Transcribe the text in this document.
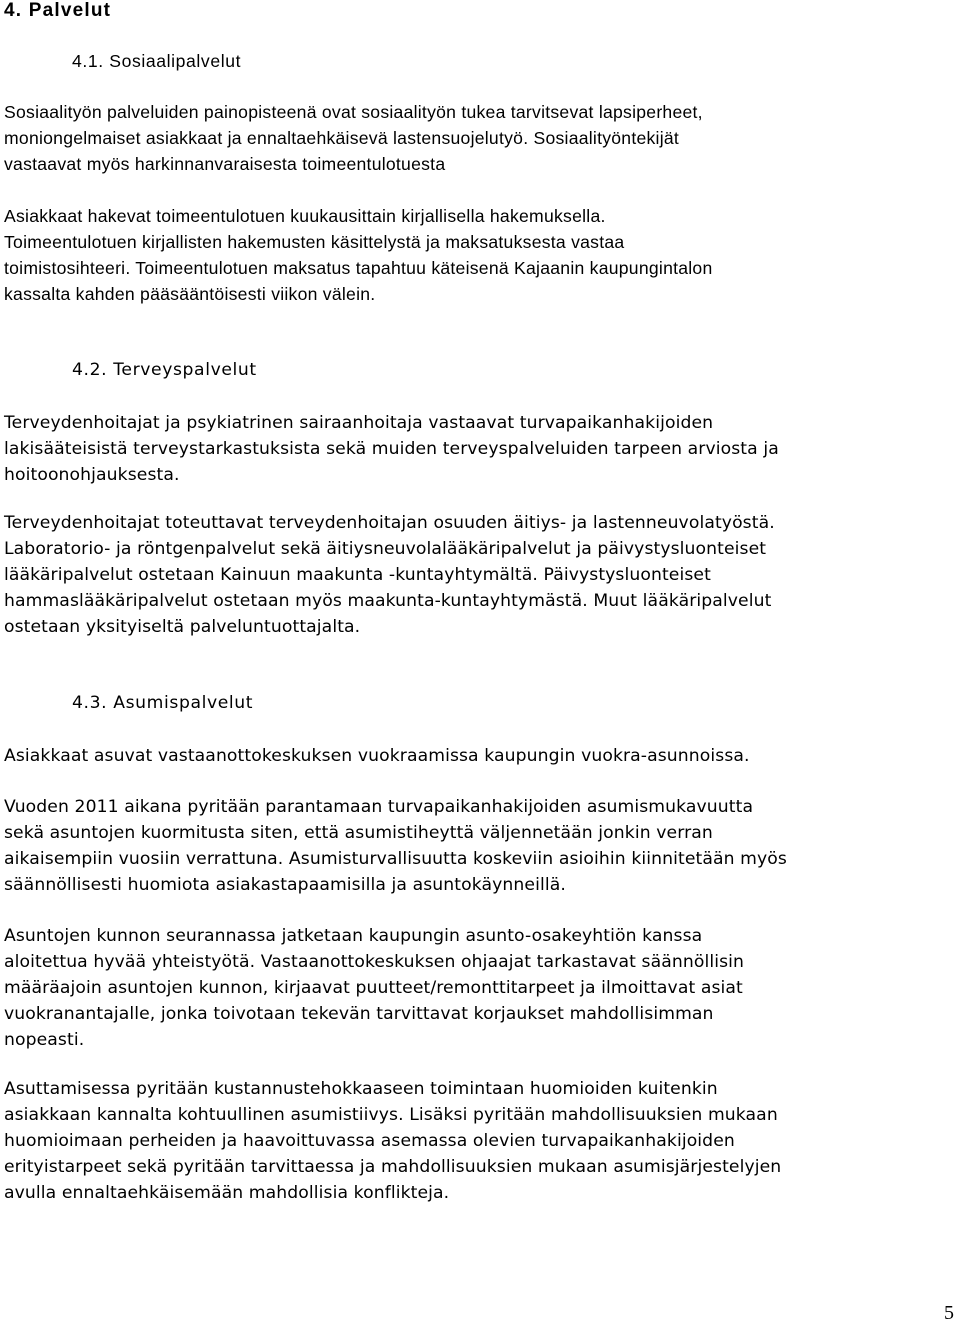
4. Palvelut
4.1. Sosiaalipalvelut
Sosiaalityön palveluiden painopisteenä ovat sosiaalityön tukea tarvitsevat lapsiperheet,
moniongelmaiset asiakkaat ja ennaltaehkäisevä lastensuojelutyö. Sosiaalityöntekijät
vastaavat myös harkinnanvaraisesta toimeentulotuesta
Asiakkaat hakevat toimeentulotuen kuukausittain kirjallisella hakemuksella.
Toimeentulotuen kirjallisten hakemusten käsittelystä ja maksatuksesta vastaa
toimistosihteeri. Toimeentulotuen maksatus tapahtuu käteisenä Kajaanin kaupungintalon
kassalta kahden pääsääntöisesti viikon välein.
4.2. Terveyspalvelut
Terveydenhoitajat ja psykiatrinen sairaanhoitaja vastaavat turvapaikanhakijoiden
lakisääteisistä terveystarkastuksista sekä muiden terveyspalveluiden tarpeen arviosta ja
hoitoonohjauksesta.
Terveydenhoitajat toteuttavat terveydenhoitajan osuuden äitiys- ja lastenneuvolatyöstä.
Laboratorio- ja röntgenpalvelut sekä äitiysneuvolalääkäripalvelut ja päivystysluonteiset
lääkäripalvelut ostetaan Kainuun maakunta -kuntayhtymältä. Päivystysluonteiset
hammaslääkäripalvelut ostetaan myös maakunta-kuntayhtymästä. Muut lääkäripalvelut
ostetaan yksityiseltä palveluntuottajalta.
4.3. Asumispalvelut
Asiakkaat asuvat vastaanottokeskuksen vuokraamissa kaupungin vuokra-asunnoissa.
Vuoden 2011 aikana pyritään parantamaan turvapaikanhakijoiden asumismukavuutta
sekä asuntojen kuormitusta siten, että asumistiheyttä väljennetään jonkin verran
aikaisempiin vuosiin verrattuna. Asumisturvallisuutta koskeviin asioihin kiinnitetään myös
säännöllisesti huomiota asiakastapaamisilla ja asuntokäynneillä.
Asuntojen kunnon seurannassa jatketaan kaupungin asunto-osakeyhtiön kanssa
aloitettua hyvää yhteistyötä. Vastaanottokeskuksen ohjaajat tarkastavat säännöllisin
määräajoin asuntojen kunnon, kirjaavat puutteet/remonttitarpeet ja ilmoittavat asiat
vuokranantajalle, jonka toivotaan tekevän tarvittavat korjaukset mahdollisimman
nopeasti.
Asuttamisessa pyritään kustannustehokkaaseen toimintaan huomioiden kuitenkin
asiakkaan kannalta kohtuullinen asumistiivys. Lisäksi pyritään mahdollisuuksien mukaan
huomioimaan perheiden ja haavoittuvassa asemassa olevien turvapaikanhakijoiden
erityistarpeet sekä pyritään tarvittaessa ja mahdollisuuksien mukaan asumisjärjestelyjen
avulla ennaltaehkäisemään mahdollisia konflikteja.
5
